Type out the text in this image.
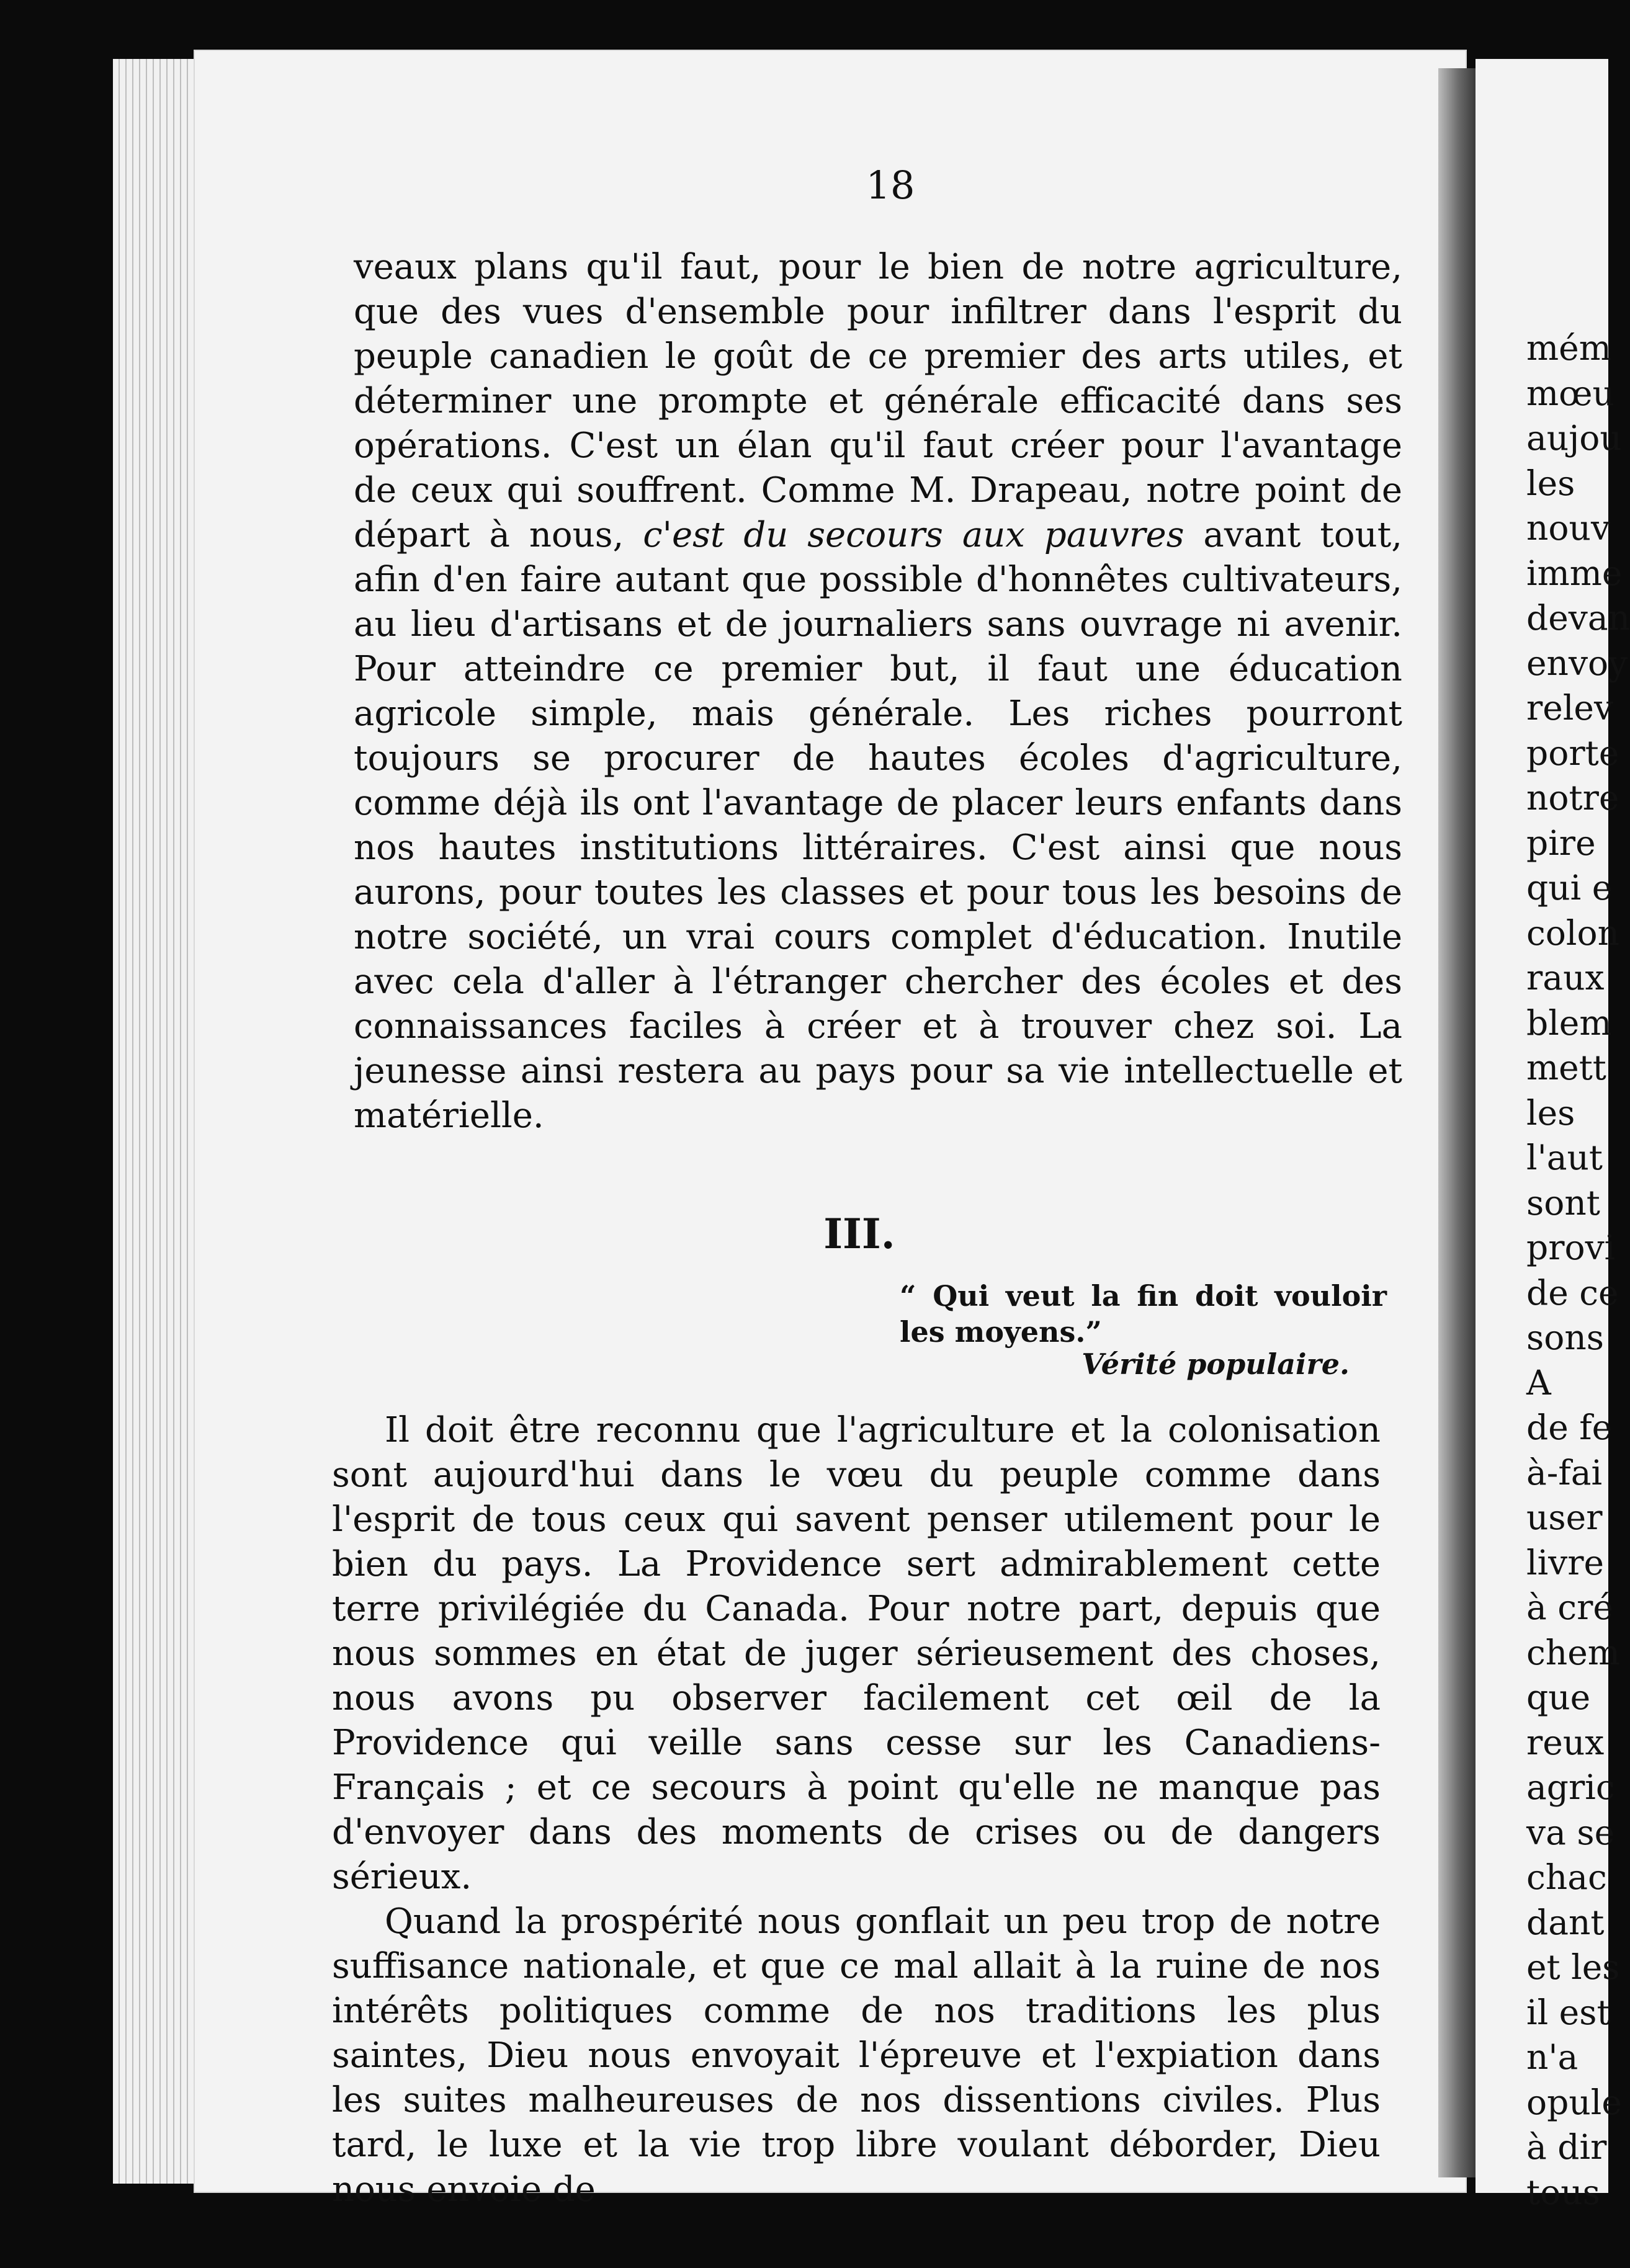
mém
mœu
aujou
les
nouv
imme
devan
envoy
relev
porte
notre
pire
qui e
colon
raux
blem
mett
les
l'aut
sont
provi
de ce
sons
A
de fe
à-fai
user
livre
à cré
chem
que
reux
agric
va se
chac
dant
et les
il est
n'a
opule
à dir
tous
18

veaux plans qu'il faut, pour le bien de notre agriculture, que des vues d'ensemble pour infiltrer dans l'esprit du peuple canadien le goût de ce premier des arts utiles, et déterminer une prompte et générale efficacité dans ses opérations. C'est un élan qu'il faut créer pour l'avantage de ceux qui souffrent. Comme M. Drapeau, notre point de départ à nous, c'est du secours aux pauvres avant tout, afin d'en faire autant que possible d'honnêtes cultivateurs, au lieu d'artisans et de journaliers sans ouvrage ni avenir. Pour atteindre ce premier but, il faut une éducation agricole simple, mais générale. Les riches pourront toujours se procurer de hautes écoles d'agriculture, comme déjà ils ont l'avantage de placer leurs enfants dans nos hautes institutions littéraires. C'est ainsi que nous aurons, pour toutes les classes et pour tous les besoins de notre société, un vrai cours complet d'éducation. Inutile avec cela d'aller à l'étranger chercher des écoles et des connaissances faciles à créer et à trouver chez soi. La jeunesse ainsi restera au pays pour sa vie intellectuelle et matérielle.

III.
“ Qui veut la fin doit vouloir
les moyens.”
Vérité populaire.

Il doit être reconnu que l'agriculture et la colonisation sont aujourd'hui dans le vœu du peuple comme dans l'esprit de tous ceux qui savent penser utilement pour le bien du pays. La Providence sert admirablement cette terre privilégiée du Canada. Pour notre part, depuis que nous sommes en état de juger sérieusement des choses, nous avons pu observer facilement cet œil de la Providence qui veille sans cesse sur les Canadiens-Français ; et ce secours à point qu'elle ne manque pas d'envoyer dans des moments de crises ou de dangers sérieux.

Quand la prospérité nous gonflait un peu trop de notre suffisance nationale, et que ce mal allait à la ruine de nos intérêts politiques comme de nos traditions les plus saintes, Dieu nous envoyait l'épreuve et l'expiation dans les suites malheureuses de nos dissentions civiles. Plus tard, le luxe et la vie trop libre voulant déborder, Dieu nous envoie de
